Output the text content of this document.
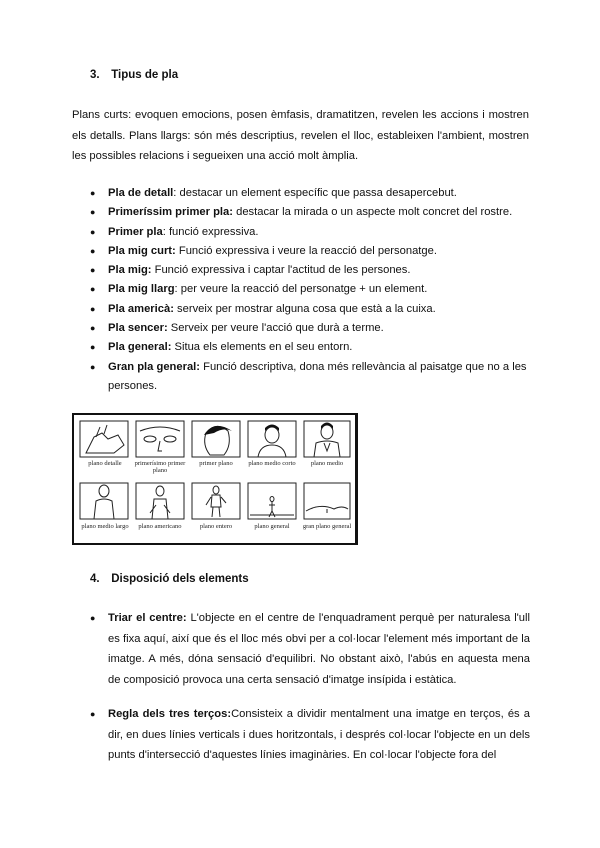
3. Tipus de pla

Plans curts: evoquen emocions, posen èmfasis, dramatitzen, revelen les accions i mostren els detalls. Plans llargs: són més descriptius, revelen el lloc, estableixen l'ambient, mostren les possibles relacions i segueixen una acció molt àmplia.

● Pla de detall: destacar un element específic que passa desapercebut.
● Primeríssim primer pla: destacar la mirada o un aspecte molt concret del rostre.
● Primer pla: funció expressiva.
● Pla mig curt: Funció expressiva i veure la reacció del personatge.
● Pla mig: Funció expressiva i captar l'actitud de les persones.
● Pla mig llarg: per veure la reacció del personatge + un element.
● Pla americà: serveix per mostrar alguna cosa que està a la cuixa.
● Pla sencer: Serveix per veure l'acció que durà a terme.
● Pla general: Situa els elements en el seu entorn.
● Gran pla general: Funció descriptiva, dona més rellevància al paisatge que no a les persones.
plano detalle	primerísimo primer plano
primer plano	plano medio corto	plano medio
plano medio largo	plano americano	plano entero	plano general	gran plano general
4. Disposició dels elements
● Triar el centre: L'objecte en el centre de l'enquadrament perquè per naturalesa l'ull es fixa aquí, així que és el lloc més obvi per a col·locar l'element més important de la imatge. A més, dóna sensació d'equilibri. No obstant això, l'abús en aquesta mena de composició provoca una certa sensació d'imatge insípida i estàtica.
● Regla dels tres terços:Consisteix a dividir mentalment una imatge en terços, és a dir, en dues línies verticals i dues horitzontals, i després col·locar l'objecte en un dels punts d'intersecció d'aquestes línies imaginàries. En col·locar l'objecte fora del
